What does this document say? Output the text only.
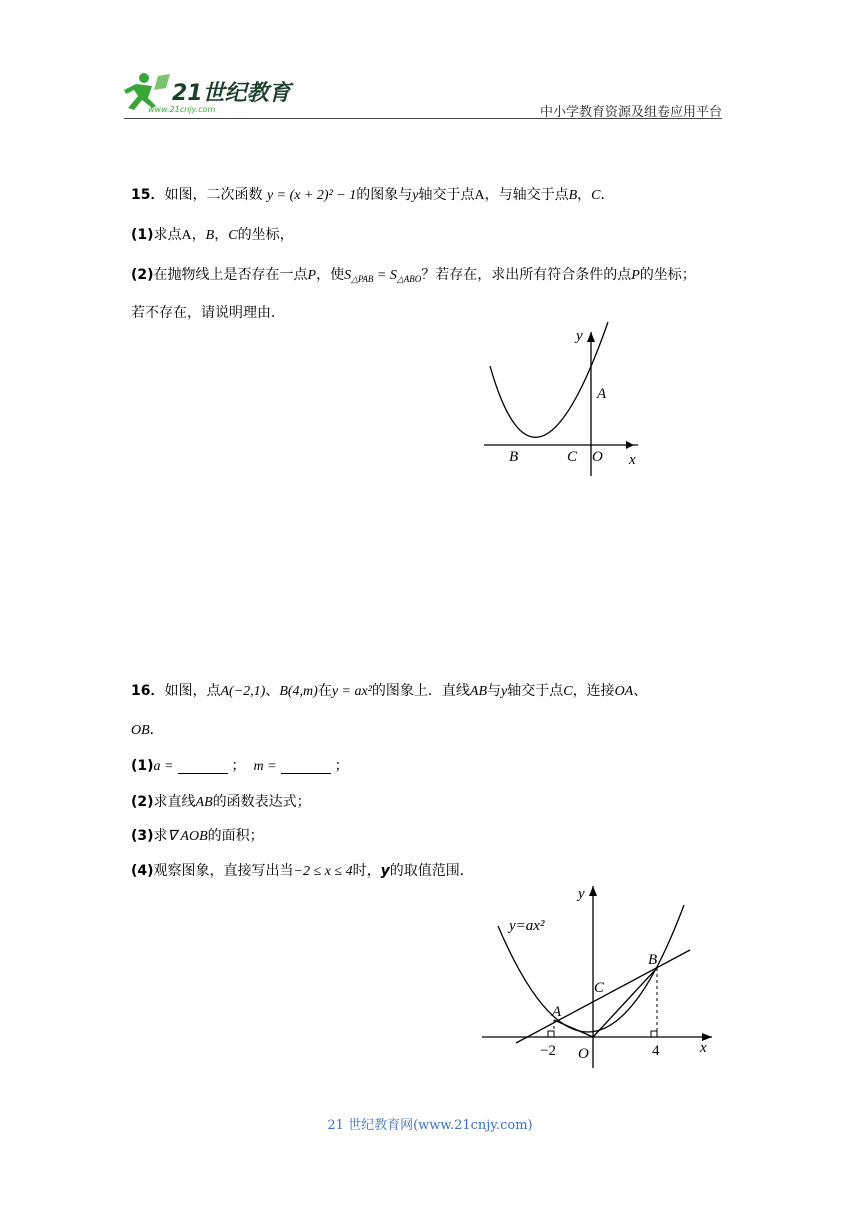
21世纪教育
www.21cnjy.com	中小学教育资源及组卷应用平台
15．如图，二次函数 y = (x + 2)² − 1的图象与y轴交于点A，与轴交于点B，C．
(1)求点A，B，C的坐标，
(2)在抛物线上是否存在一点P，使$S_{\triangle PAB} = S_{\triangle ABO}$？若存在，求出所有符合条件的点P的坐标；
若不存在，请说明理由．
y
A
B	C O x
16．如图，点A(−2,1)、B(4,m)在y = ax²的图象上．直线AB与y轴交于点C，连接OA、
OB．
(1)a =	； m =	；
(2)求直线AB的函数表达式；
(3)求∇ AOB的面积；
(4)观察图象，直接写出当−2 ≤ x ≤ 4时，y的取值范围．
y
y=ax²
B
C
A
−2 O	4	x
21 世纪教育网(www.21cnjy.com)
